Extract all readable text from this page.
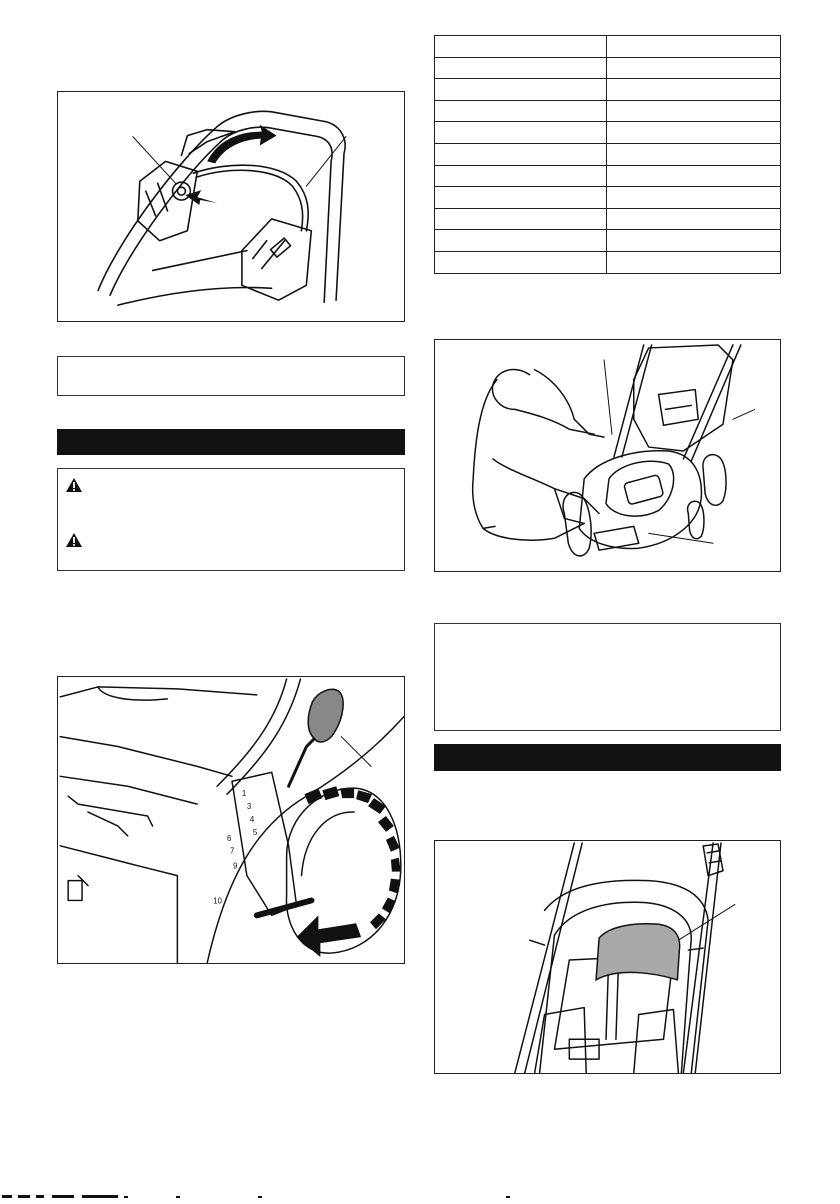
1
3
4
5
6
7
9
10
